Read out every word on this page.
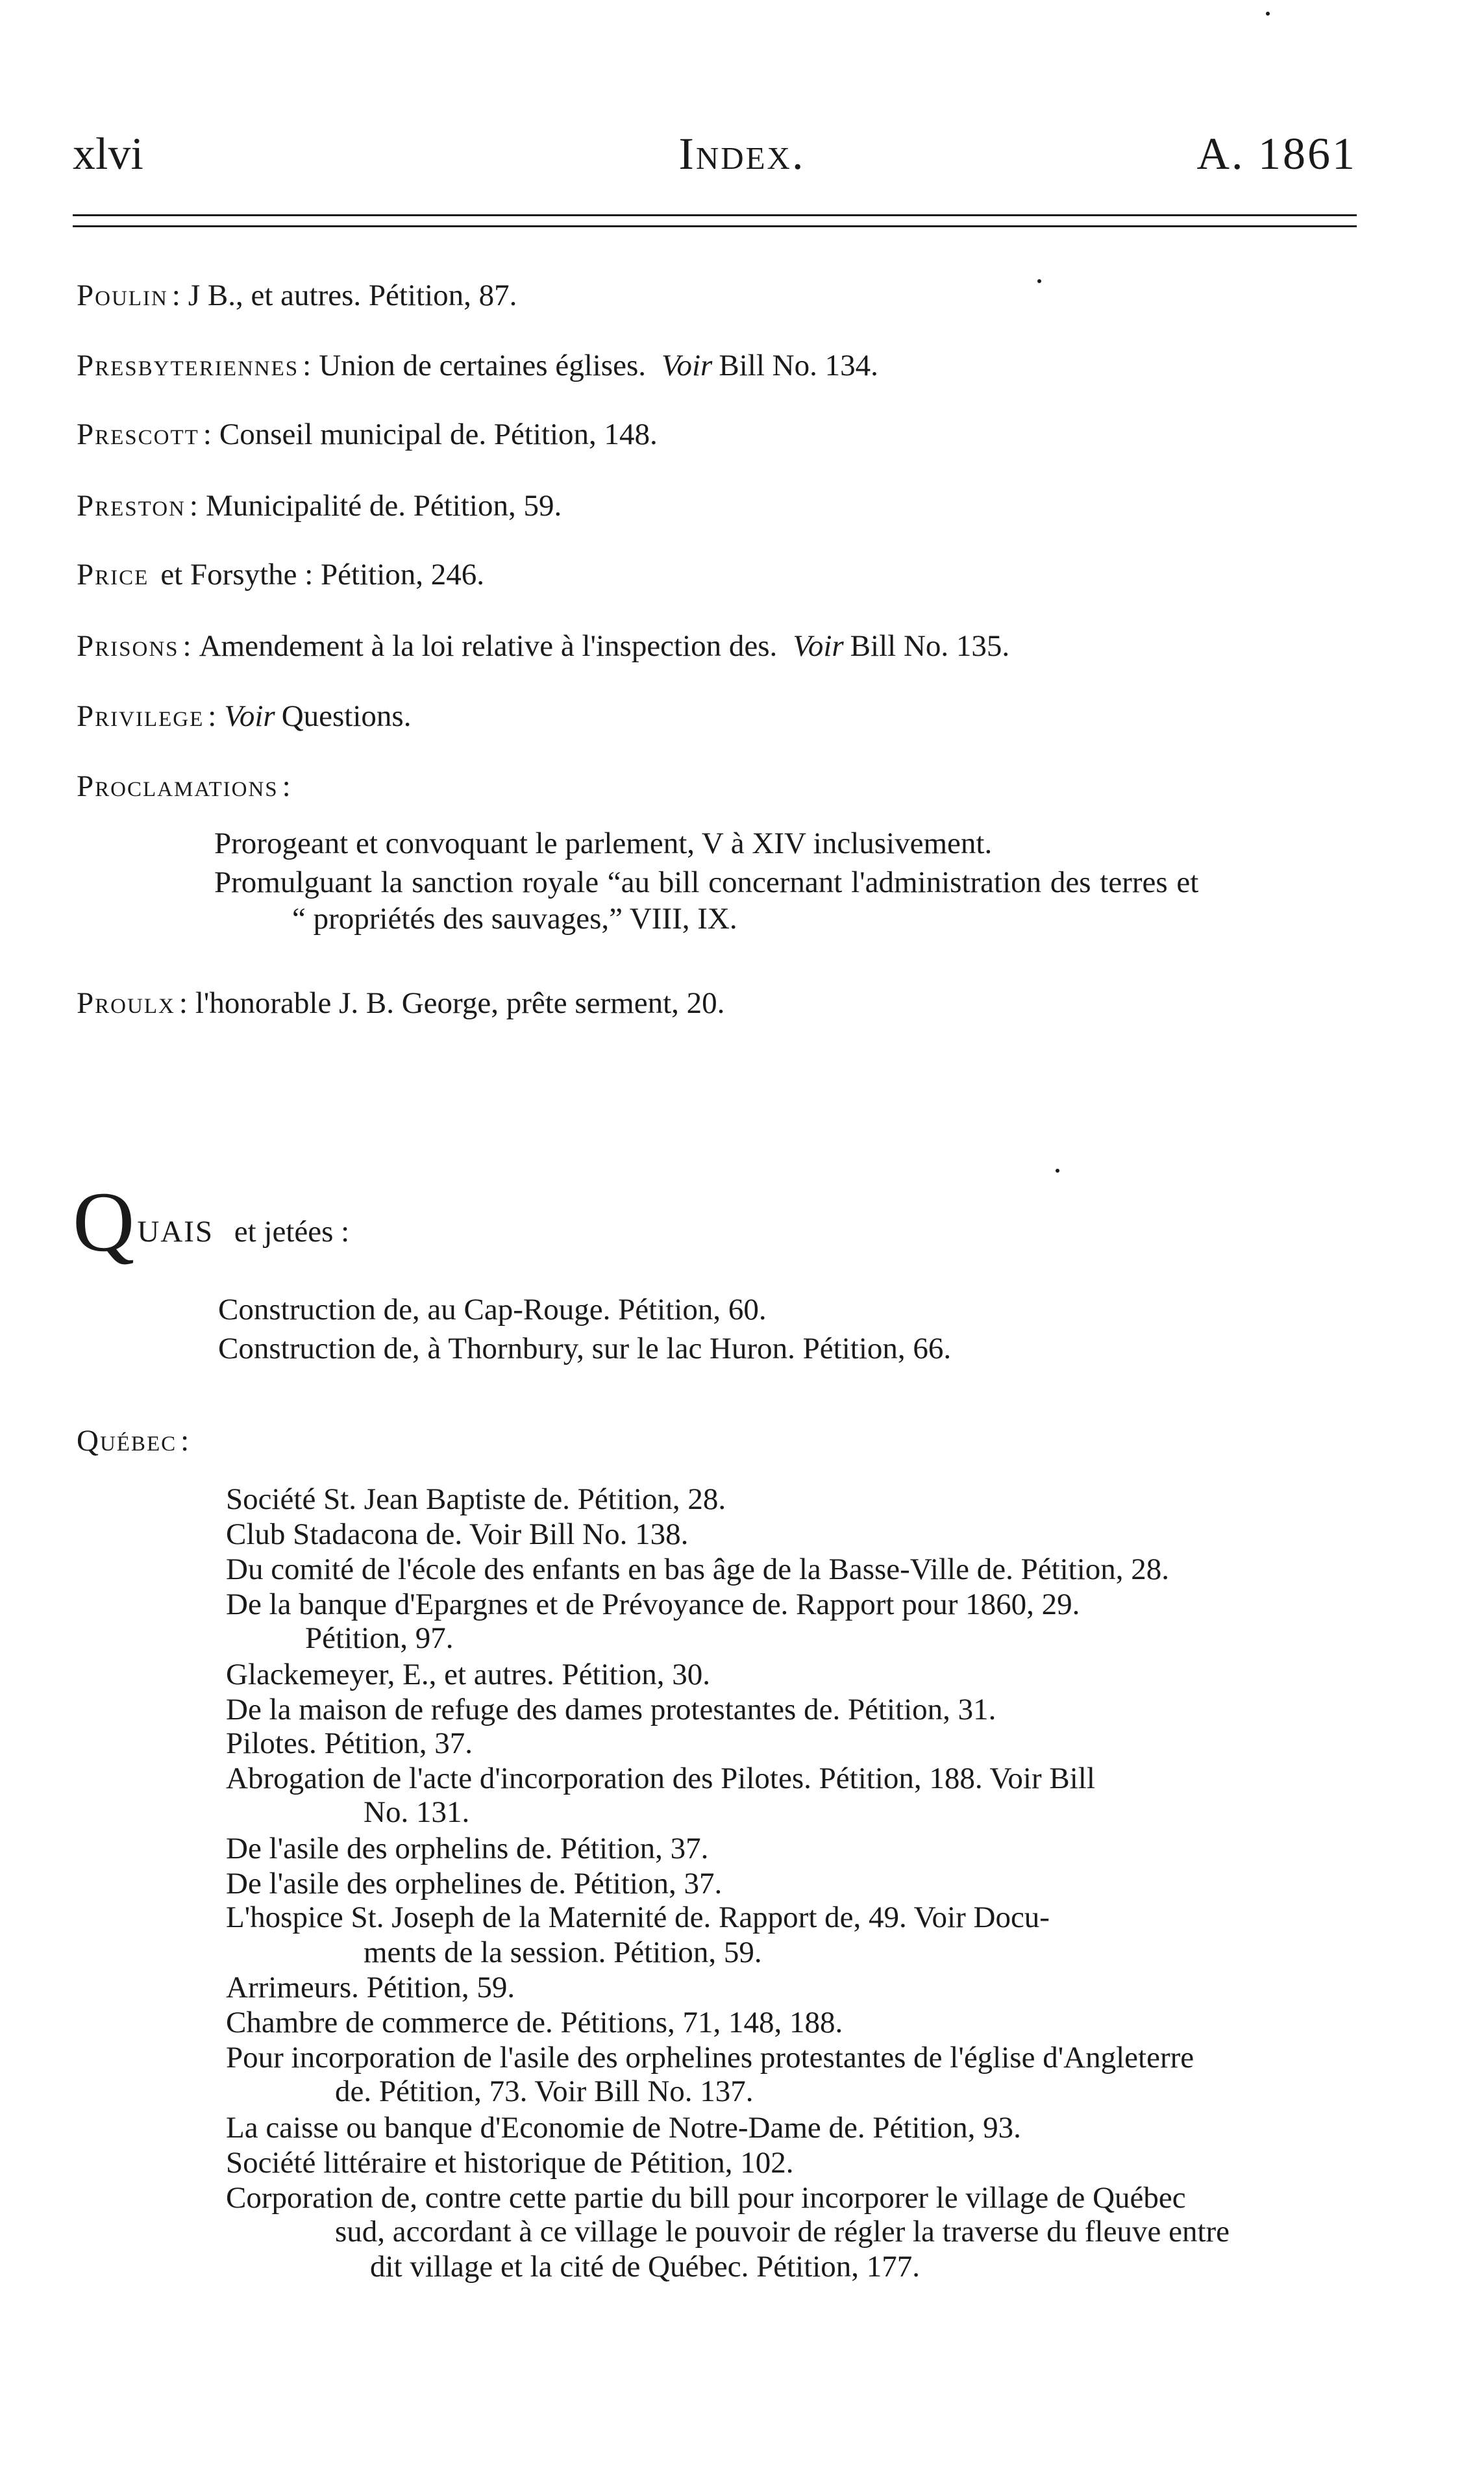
xlvi	Index.	A. 1861
Poulin : J B., et autres. Pétition, 87.
Presbyteriennes : Union de certaines églises. Voir Bill No. 134.
Prescott : Conseil municipal de. Pétition, 148.
Preston : Municipalité de. Pétition, 59.
Price et Forsythe : Pétition, 246.
Prisons : Amendement à la loi relative à l'inspection des. Voir Bill No. 135.
Privilege : Voir Questions.
Proclamations :
Prorogeant et convoquant le parlement, V à XIV inclusivement.
Promulguant la sanction royale “au bill concernant l'administration des terres et
“ propriétés des sauvages,” VIII, IX.
Proulx : l'honorable J. B. George, prête serment, 20.
QUAIS et jetées :
Construction de, au Cap-Rouge. Pétition, 60.
Construction de, à Thornbury, sur le lac Huron. Pétition, 66.
Québec :
Société St. Jean Baptiste de. Pétition, 28.
Club Stadacona de. Voir Bill No. 138.
Du comité de l'école des enfants en bas âge de la Basse-Ville de. Pétition, 28.
De la banque d'Epargnes et de Prévoyance de. Rapport pour 1860, 29.
Pétition, 97.
Glackemeyer, E., et autres. Pétition, 30.
De la maison de refuge des dames protestantes de. Pétition, 31.
Pilotes. Pétition, 37.
Abrogation de l'acte d'incorporation des Pilotes. Pétition, 188. Voir Bill
No. 131.
De l'asile des orphelins de. Pétition, 37.
De l'asile des orphelines de. Pétition, 37.
L'hospice St. Joseph de la Maternité de. Rapport de, 49. Voir Docu-
ments de la session. Pétition, 59.
Arrimeurs. Pétition, 59.
Chambre de commerce de. Pétitions, 71, 148, 188.
Pour incorporation de l'asile des orphelines protestantes de l'église d'Angleterre
de. Pétition, 73. Voir Bill No. 137.
La caisse ou banque d'Economie de Notre-Dame de. Pétition, 93.
Société littéraire et historique de Pétition, 102.
Corporation de, contre cette partie du bill pour incorporer le village de Québec
sud, accordant à ce village le pouvoir de régler la traverse du fleuve entre
dit village et la cité de Québec. Pétition, 177.
